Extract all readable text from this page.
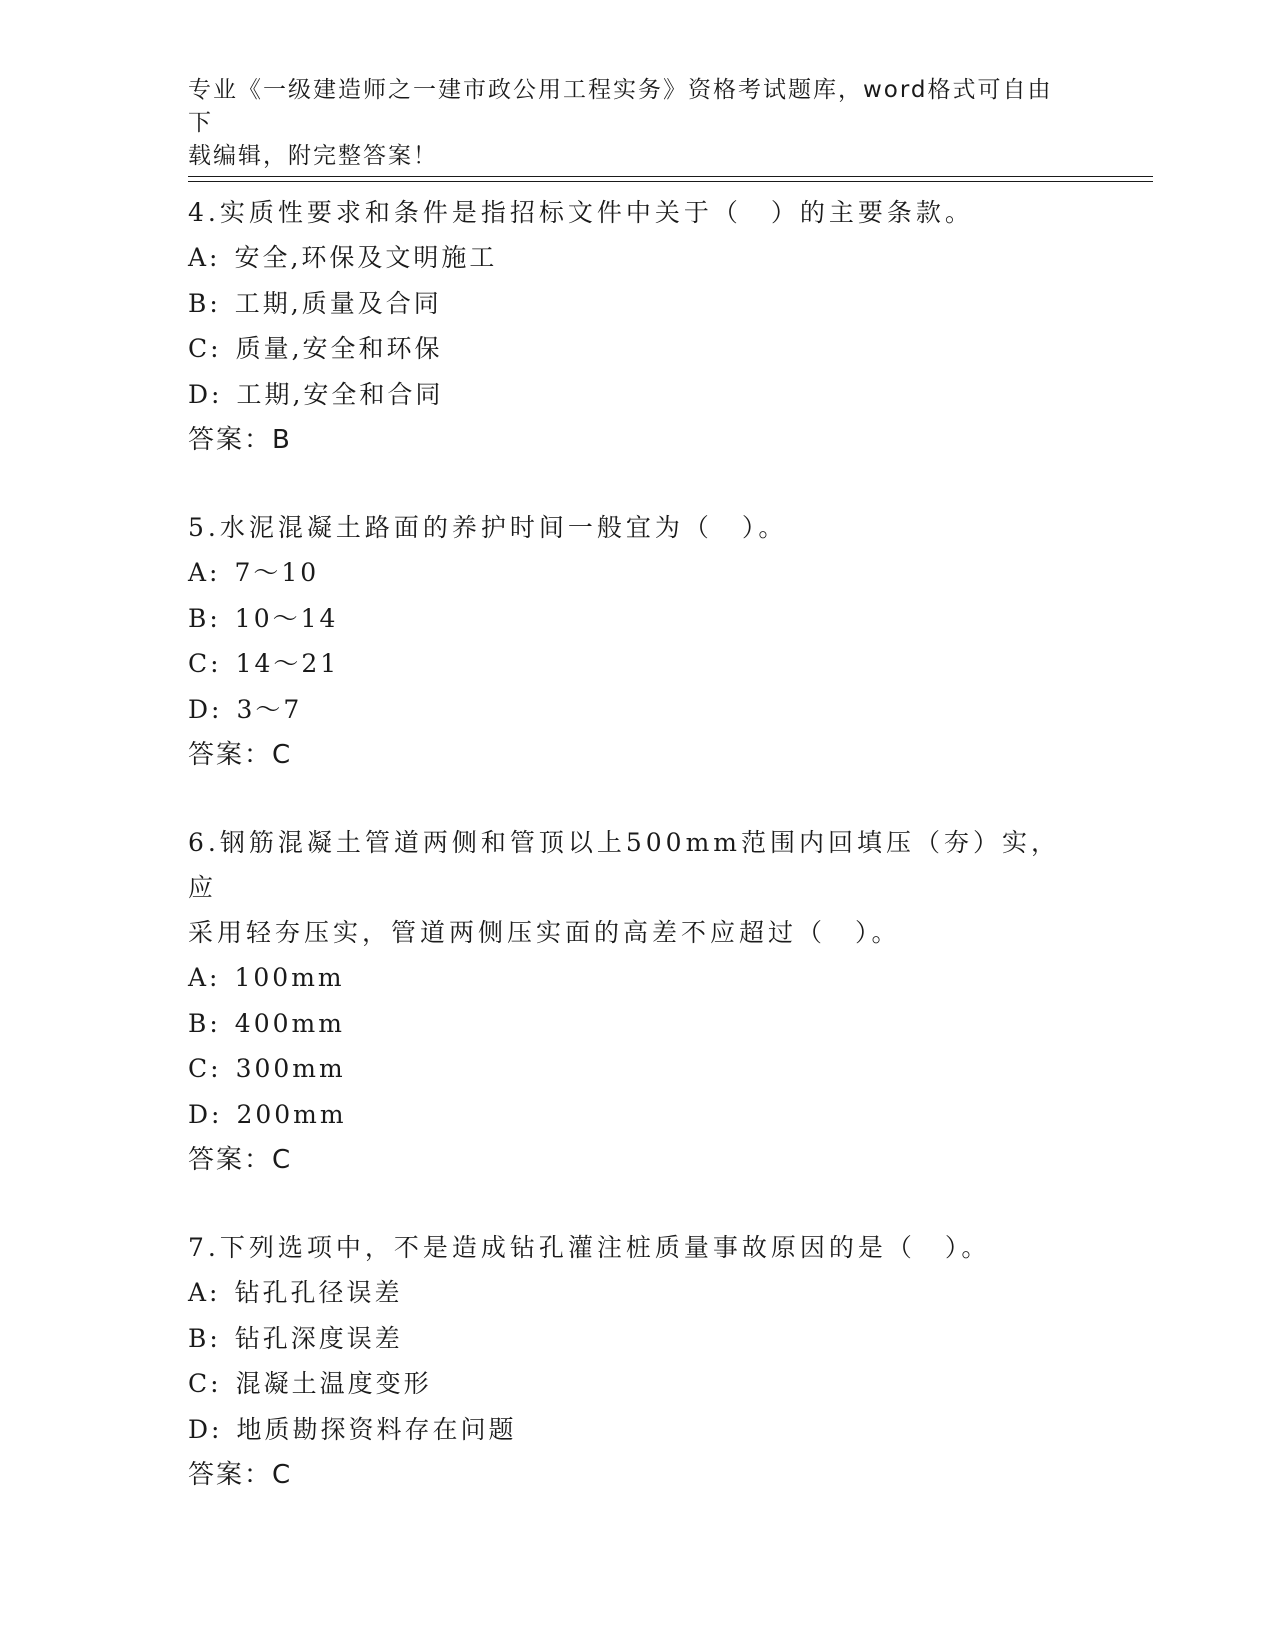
专业《一级建造师之一建市政公用工程实务》资格考试题库，word格式可自由下
载编辑，附完整答案！
4.实质性要求和条件是指招标文件中关于（　）的主要条款。
A: 安全,环保及文明施工
B: 工期,质量及合同
C: 质量,安全和环保
D: 工期,安全和合同
答案：B
5.水泥混凝土路面的养护时间一般宜为（　）。
A: 7～10
B: 10～14
C: 14～21
D: 3～7
答案：C
6.钢筋混凝土管道两侧和管顶以上500mm范围内回填压（夯）实，应
采用轻夯压实，管道两侧压实面的高差不应超过（　）。
A: 100mm
B: 400mm
C: 300mm
D: 200mm
答案：C
7.下列选项中，不是造成钻孔灌注桩质量事故原因的是（　）。
A: 钻孔孔径误差
B: 钻孔深度误差
C: 混凝土温度变形
D: 地质勘探资料存在问题
答案：C
